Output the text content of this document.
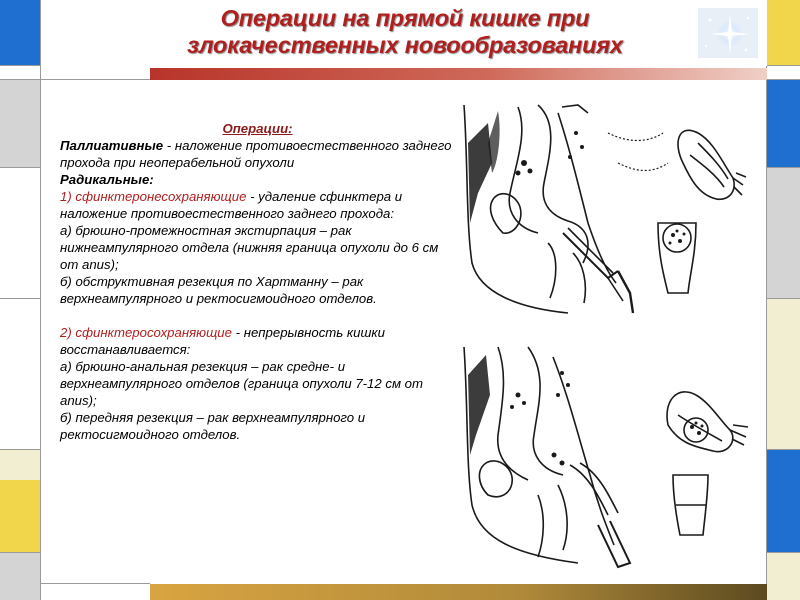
Операции на прямой кишке при
злокачественных новообразованиях

Операции:

Паллиативные - наложение противоестественного заднего прохода при неоперабельной опухоли

Радикальные:

1) сфинктеронесохраняющие - удаление сфинктера и наложение противоестественного заднего прохода:

а) брюшно-промежностная экстирпация – рак нижнеампулярного отдела (нижняя граница опухоли до 6 см от anus);

б) обструктивная резекция по Хартманну – рак верхнеампулярного и ректосигмоидного отделов.

2) сфинктеросохраняющие - непрерывность кишки восстанавливается:

а) брюшно-анальная резекция – рак средне- и верхнеампулярного отделов (граница опухоли 7-12 см от anus);

б) передняя резекция – рак верхнеампулярного и ректосигмоидного отделов.
